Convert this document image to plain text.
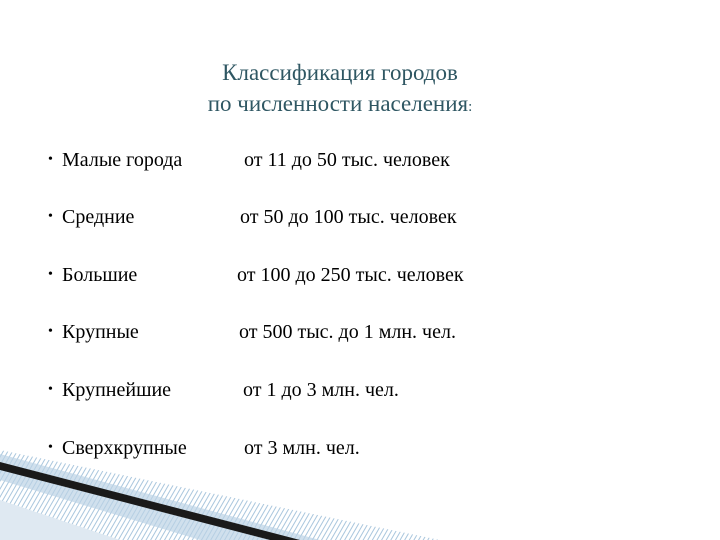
Классификация городов
по численности населения:
• Малые города	от 11 до 50 тыс. человек
• Средние	от 50 до 100 тыс. человек
• Большие	от 100 до 250 тыс. человек
• Крупные	от 500 тыс. до 1 млн. чел.
• Крупнейшие	от 1 до 3 млн. чел.
• Сверхкрупные	от 3 млн. чел.
